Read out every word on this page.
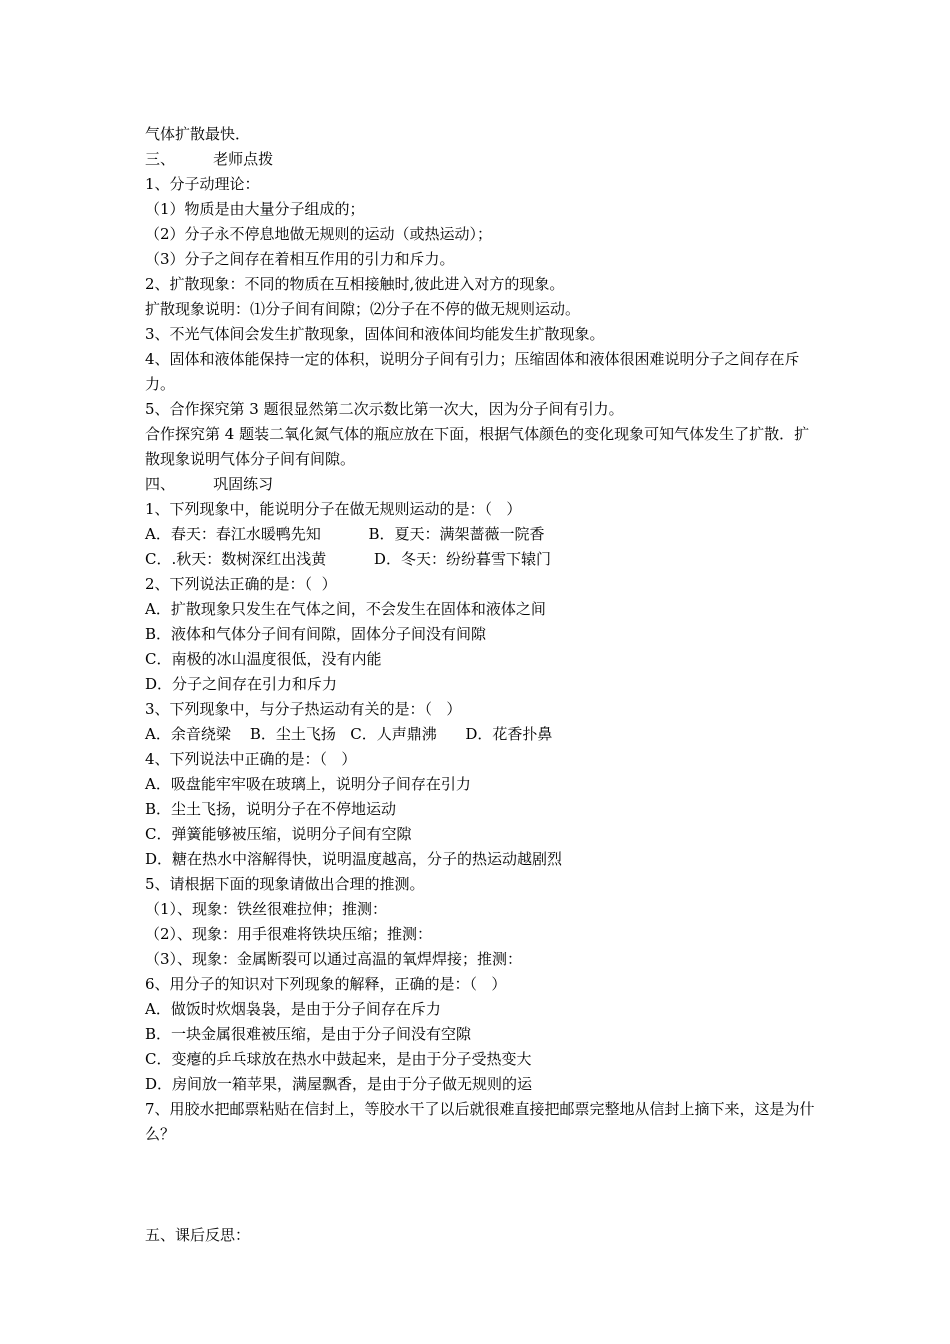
气体扩散最快．
三、        老师点拨
1、分子动理论：
（1）物质是由大量分子组成的；
（2）分子永不停息地做无规则的运动（或热运动）；
（3）分子之间存在着相互作用的引力和斥力。
2、扩散现象：不同的物质在互相接触时,彼此进入对方的现象。
扩散现象说明：⑴分子间有间隙；⑵分子在不停的做无规则运动。
3、不光气体间会发生扩散现象，固体间和液体间均能发生扩散现象。
4、固体和液体能保持一定的体积，说明分子间有引力；压缩固体和液体很困难说明分子之间存在斥力。
5、合作探究第 3 题很显然第二次示数比第一次大，因为分子间有引力。
合作探究第 4 题装二氧化氮气体的瓶应放在下面，根据气体颜色的变化现象可知气体发生了扩散．扩散现象说明气体分子间有间隙。
四、        巩固练习
1、下列现象中，能说明分子在做无规则运动的是：（   ）
A．春天：春江水暖鸭先知          B．夏天：满架蔷薇一院香
C．.秋天：数树深红出浅黄          D．冬天：纷纷暮雪下辕门
2、下列说法正确的是：（  ）
A．扩散现象只发生在气体之间，不会发生在固体和液体之间
B．液体和气体分子间有间隙，固体分子间没有间隙
C．南极的冰山温度很低，没有内能
D．分子之间存在引力和斥力
3、下列现象中，与分子热运动有关的是：（   ）
A．余音绕梁    B．尘土飞扬   C．人声鼎沸      D．花香扑鼻
4、下列说法中正确的是：（   ）
A．吸盘能牢牢吸在玻璃上，说明分子间存在引力
B．尘土飞扬，说明分子在不停地运动
C．弹簧能够被压缩，说明分子间有空隙
D．糖在热水中溶解得快，说明温度越高，分子的热运动越剧烈
5、请根据下面的现象请做出合理的推测。
（1）、现象：铁丝很难拉伸；推测：
（2）、现象：用手很难将铁块压缩；推测：
（3）、现象：金属断裂可以通过高温的氧焊焊接；推测：
6、用分子的知识对下列现象的解释，正确的是：（   ）
A．做饭时炊烟袅袅，是由于分子间存在斥力
B．一块金属很难被压缩，是由于分子间没有空隙
C．变瘪的乒乓球放在热水中鼓起来，是由于分子受热变大
D．房间放一箱苹果，满屋飘香，是由于分子做无规则的运
7、用胶水把邮票粘贴在信封上，等胶水干了以后就很难直接把邮票完整地从信封上摘下来，这是为什么？
五、课后反思：
